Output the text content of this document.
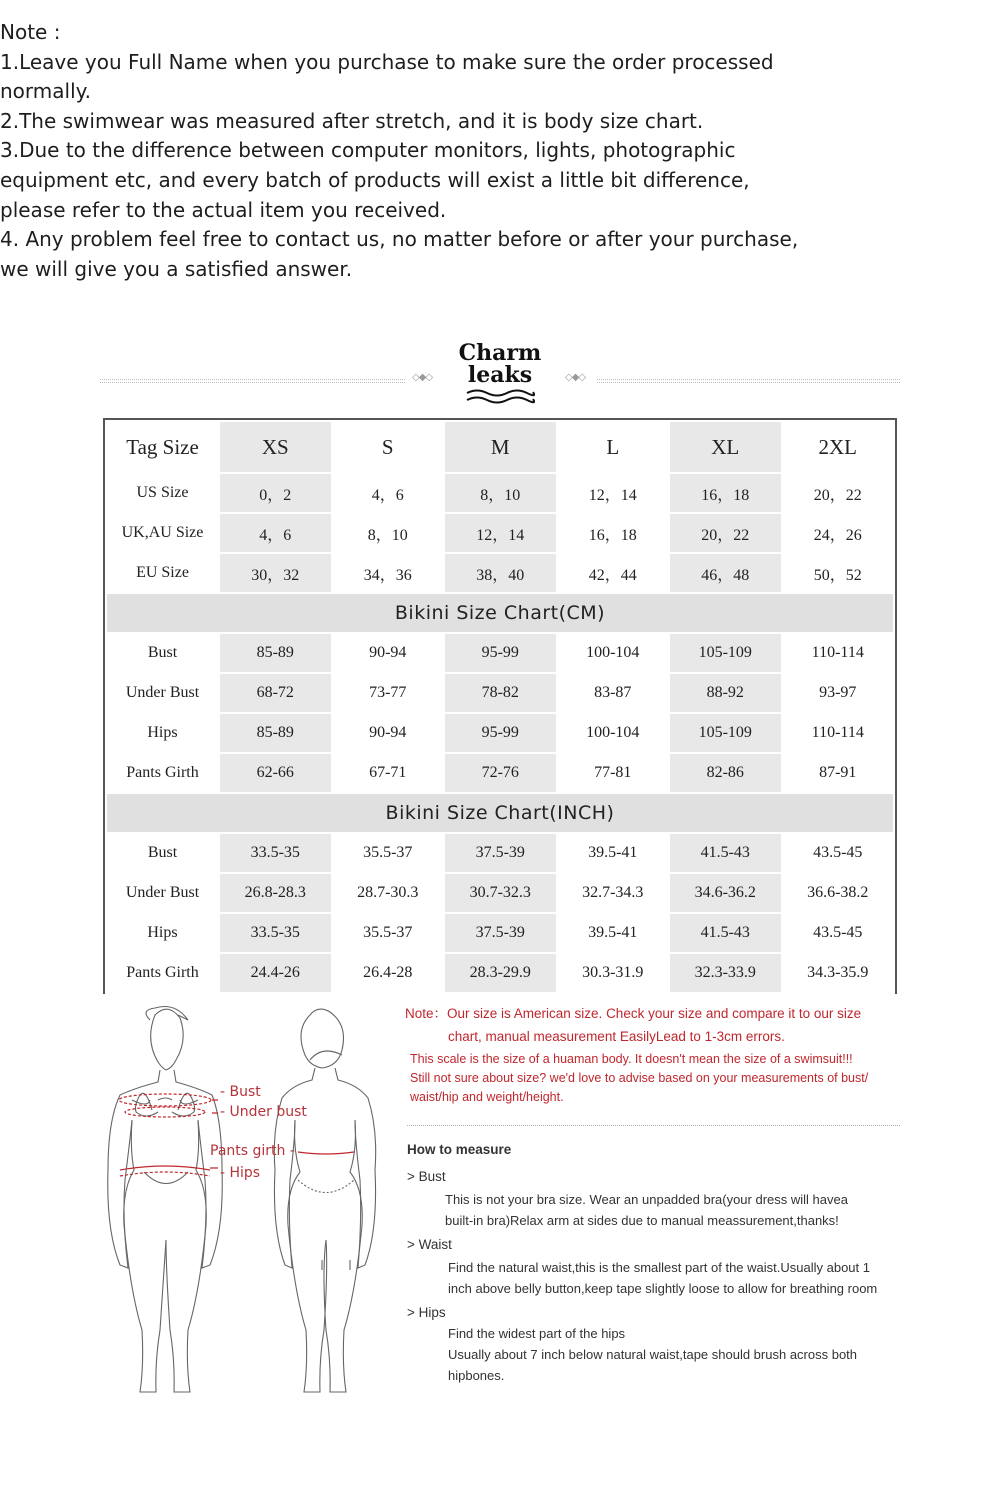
Note :

1.Leave you Full Name when you purchase to make sure the order processed normally.

2.The swimwear was measured after stretch, and it is body size chart.

3.Due to the difference between computer monitors, lights, photographic equipment etc, and every batch of products will exist a little bit difference, please refer to the actual item you received.

4. Any problem feel free to contact us, no matter before or after your purchase, we will give you a satisfied answer.

◇◆◇
Charm
leaks	◇◆◇
Tag Size	XS	S	M	L	XL	2XL
US Size	0，2	4，6	8，10	12，14	16，18	20，22
UK,AU Size	4，6	8，10	12，14	16，18	20，22	24，26
EU Size	30，32	34，36	38，40	42，44	46，48	50，52
Bikini Size Chart(CM)						
Bust	85-89	90-94	95-99	100-104	105-109	110-114
Under Bust	68-72	73-77	78-82	83-87	88-92	93-97
Hips	85-89	90-94	95-99	100-104	105-109	110-114
Pants Girth	62-66	67-71	72-76	77-81	82-86	87-91
Bikini Size Chart(INCH)						
Bust	33.5-35	35.5-37	37.5-39	39.5-41	41.5-43	43.5-45
Under Bust	26.8-28.3	28.7-30.3	30.7-32.3	32.7-34.3	34.6-36.2	36.6-38.2
Hips	33.5-35	35.5-37	37.5-39	39.5-41	41.5-43	43.5-45
Pants Girth	24.4-26	26.4-28	28.3-29.9	30.3-31.9	32.3-33.9	34.3-35.9
- Bust
- Under bust
Pants girth -
- Hips
Note：Our size is American size. Check your size and compare it to our size
chart, manual measurement EasilyLead to 1-3cm errors.
This scale is the size of a huaman body. It doesn't mean the size of a swimsuit!!!
Still not sure about size? we'd love to advise based on your measurements of bust/
waist/hip and weight/height.
How to measure
> Bust
This is not your bra size. Wear an unpadded bra(your dress will havea
built-in bra)Relax arm at sides due to manual meassurement,thanks!
> Waist
Find the natural waist,this is the smallest part of the waist.Usually about 1
inch above belly button,keep tape slightly loose to allow for breathing room
> Hips
Find the widest part of the hips
Usually about 7 inch below natural waist,tape should brush across both
hipbones.
